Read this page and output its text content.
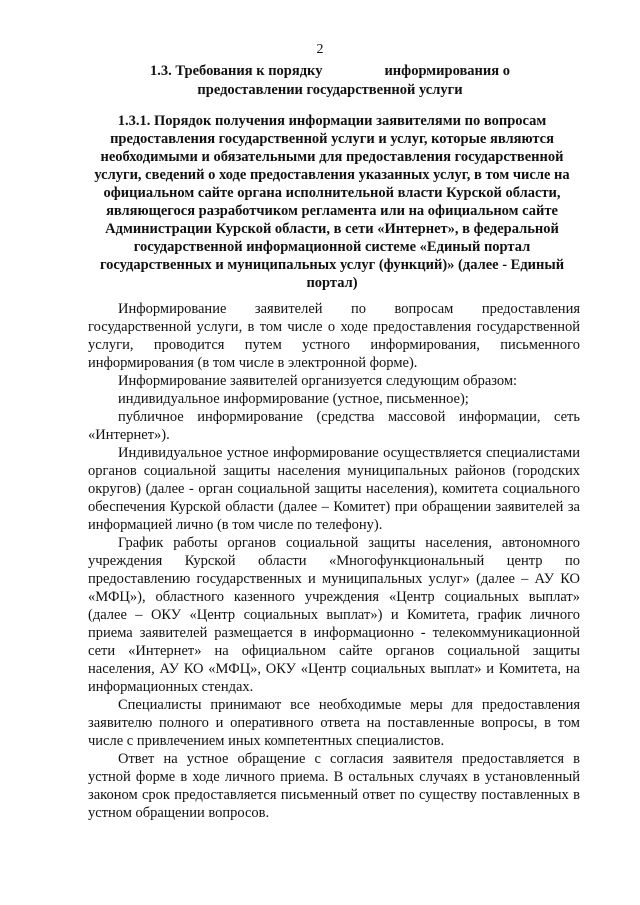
2
1.3. Требования к порядку	информирования о
предоставлении государственной услуги
1.3.1. Порядок получения информации заявителями по вопросам предоставления государственной услуги и услуг, которые являются необходимыми и обязательными для предоставления государственной услуги, сведений о ходе предоставления указанных услуг, в том числе на официальном сайте органа исполнительной власти Курской области, являющегося разработчиком регламента или на официальном сайте Администрации Курской области, в сети «Интернет», в федеральной государственной информационной системе «Единый портал государственных и муниципальных услуг (функций)» (далее - Единый портал)

Информирование заявителей по вопросам предоставления государственной услуги, в том числе о ходе предоставления государственной услуги, проводится путем устного информирования, письменного информирования (в том числе в электронной форме).

Информирование заявителей организуется следующим образом:

индивидуальное информирование (устное, письменное);

публичное информирование (средства массовой информации, сеть «Интернет»).

Индивидуальное устное информирование осуществляется специалистами органов социальной защиты населения муниципальных районов (городских округов) (далее - орган социальной защиты населения), комитета социального обеспечения Курской области (далее – Комитет) при обращении заявителей за информацией лично (в том числе по телефону).

График работы органов социальной защиты населения, автономного учреждения Курской области «Многофункциональный центр по предоставлению государственных и муниципальных услуг» (далее – АУ КО «МФЦ»), областного казенного учреждения «Центр социальных выплат» (далее – ОКУ «Центр социальных выплат») и Комитета, график личного приема заявителей размещается в информационно - телекоммуникационной сети «Интернет» на официальном сайте органов социальной защиты населения, АУ КО «МФЦ», ОКУ «Центр социальных выплат» и Комитета, на информационных стендах.

Специалисты принимают все необходимые меры для предоставления заявителю полного и оперативного ответа на поставленные вопросы, в том числе с привлечением иных компетентных специалистов.

Ответ на устное обращение с согласия заявителя предоставляется в устной форме в ходе личного приема. В остальных случаях в установленный законом срок предоставляется письменный ответ по существу поставленных в устном обращении вопросов.
